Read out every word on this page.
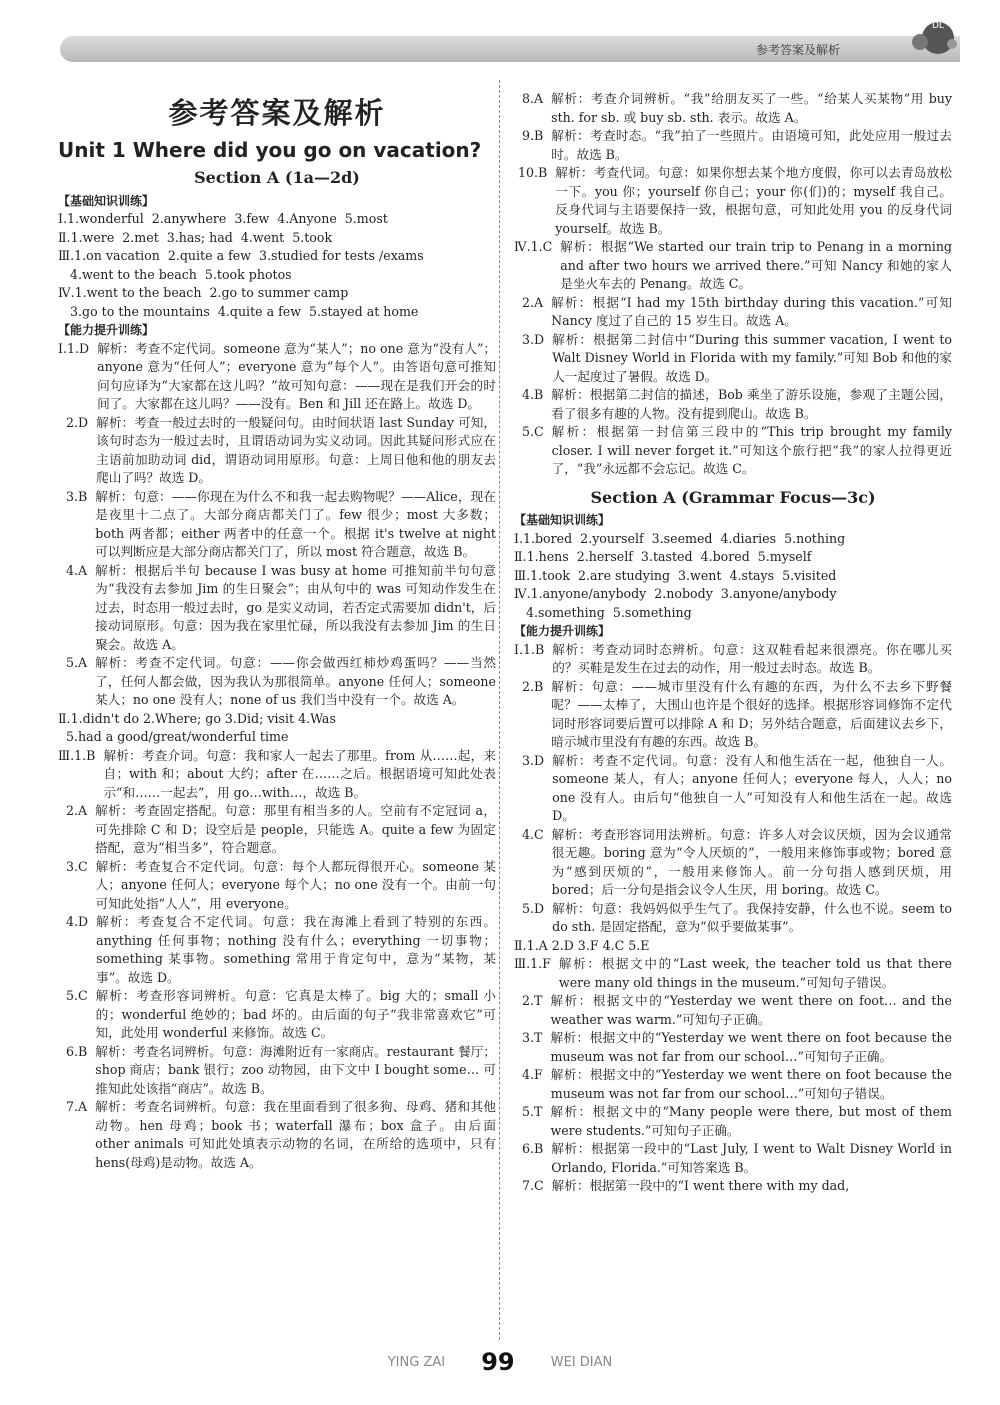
参考答案及解析
DL
参考答案及解析
Unit 1 Where did you go on vacation?
Section A (1a—2d)
【基础知识训练】
Ⅰ.1.wonderful  2.anywhere  3.few  4.Anyone  5.most
Ⅱ.1.were  2.met  3.has; had  4.went  5.took
Ⅲ.1.on vacation  2.quite a few  3.studied for tests /exams
4.went to the beach  5.took photos
Ⅳ.1.went to the beach  2.go to summer camp
3.go to the mountains  4.quite a few  5.stayed at home
【能力提升训练】
Ⅰ.1.D 解析：考查不定代词。someone 意为“某人”；no one 意为“没有人”；anyone 意为“任何人”；everyone 意为“每个人”。由答语句意可推知问句应译为“大家都在这儿吗？”故可知句意：——现在是我们开会的时间了。大家都在这儿吗？——没有。Ben 和 Jill 还在路上。故选 D。
2.D 解析：考查一般过去时的一般疑问句。由时间状语 last Sunday 可知，该句时态为一般过去时，且谓语动词为实义动词。因此其疑问形式应在主语前加助动词 did，谓语动词用原形。句意：上周日他和他的朋友去爬山了吗？故选 D。
3.B 解析：句意：——你现在为什么不和我一起去购物呢？——Alice，现在是夜里十二点了。大部分商店都关门了。few 很少；most 大多数；both 两者都；either 两者中的任意一个。根据 it's twelve at night 可以判断应是大部分商店都关门了，所以 most 符合题意，故选 B。
4.A 解析：根据后半句 because I was busy at home 可推知前半句句意为“我没有去参加 Jim 的生日聚会”；由从句中的 was 可知动作发生在过去，时态用一般过去时，go 是实义动词，若否定式需要加 didn't，后接动词原形。句意：因为我在家里忙碌，所以我没有去参加 Jim 的生日聚会。故选 A。
5.A 解析：考查不定代词。句意：——你会做西红柿炒鸡蛋吗？——当然了，任何人都会做，因为我认为那很简单。anyone 任何人；someone 某人；no one 没有人；none of us 我们当中没有一个。故选 A。
Ⅱ.1. didn't do 2.Where; go 3.Did; visit 4.Was
5. had a good/great/wonderful time
Ⅲ.1.B 解析：考查介词。句意：我和家人一起去了那里。from 从……起，来自；with 和；about 大约；after 在……之后。根据语境可知此处表示“和……一起去”，用 go…with…，故选 B。
2.A 解析：考查固定搭配。句意：那里有相当多的人。空前有不定冠词 a，可先排除 C 和 D；设空后是 people，只能选 A。quite a few 为固定搭配，意为“相当多”，符合题意。
3.C 解析：考查复合不定代词。句意：每个人都玩得很开心。someone 某人；anyone 任何人；everyone 每个人；no one 没有一个。由前一句可知此处指“人人”，用 everyone。
4.D 解析：考查复合不定代词。句意：我在海滩上看到了特别的东西。anything 任何事物；nothing 没有什么；everything 一切事物；something 某事物。something 常用于肯定句中，意为“某物，某事”。故选 D。
5.C 解析：考查形容词辨析。句意：它真是太棒了。big 大的；small 小的；wonderful 绝妙的；bad 坏的。由后面的句子“我非常喜欢它”可知，此处用 wonderful 来修饰。故选 C。
6.B 解析：考查名词辨析。句意：海滩附近有一家商店。restaurant 餐厅；shop 商店；bank 银行；zoo 动物园，由下文中 I bought some… 可推知此处该指“商店”。故选 B。
7.A 解析：考查名词辨析。句意：我在里面看到了很多狗、母鸡、猪和其他动物。hen 母鸡；book 书；waterfall 瀑布；box 盒子。由后面 other animals 可知此处填表示动物的名词，在所给的选项中，只有 hens(母鸡)是动物。故选 A。
8.A 解析：考查介词辨析。“我”给朋友买了一些。“给某人买某物”用 buy sth. for sb. 或 buy sb. sth. 表示。故选 A。
9.B 解析：考查时态。“我”拍了一些照片。由语境可知，此处应用一般过去时。故选 B。
10.B 解析：考查代词。句意：如果你想去某个地方度假，你可以去青岛放松一下。you 你；yourself 你自己；your 你(们)的；myself 我自己。反身代词与主语要保持一致，根据句意，可知此处用 you 的反身代词 yourself。故选 B。
Ⅳ.1.C 解析：根据“We started our train trip to Penang in a morning and after two hours we arrived there.”可知 Nancy 和她的家人是坐火车去的 Penang。故选 C。
2.A 解析：根据“I had my 15th birthday during this vacation.”可知 Nancy 度过了自己的 15 岁生日。故选 A。
3.D 解析：根据第二封信中“During this summer vacation, I went to Walt Disney World in Florida with my family.”可知 Bob 和他的家人一起度过了暑假。故选 D。
4.B 解析：根据第二封信的描述，Bob 乘坐了游乐设施，参观了主题公园，看了很多有趣的人物。没有提到爬山。故选 B。
5.C 解析：根据第一封信第三段中的“This trip brought my family closer. I will never forget it.”可知这个旅行把“我”的家人拉得更近了，“我”永远都不会忘记。故选 C。
Section A (Grammar Focus—3c)
【基础知识训练】
Ⅰ.1.bored  2.yourself  3.seemed  4.diaries  5.nothing
Ⅱ.1.hens  2.herself  3.tasted  4.bored  5.myself
Ⅲ.1.took  2.are studying  3.went  4.stays  5.visited
Ⅳ.1.anyone/anybody  2.nobody  3.anyone/anybody
4.something  5.something
【能力提升训练】
Ⅰ.1.B 解析：考查动词时态辨析。句意：这双鞋看起来很漂亮。你在哪儿买的？买鞋是发生在过去的动作，用一般过去时态。故选 B。
2.B 解析：句意：——城市里没有什么有趣的东西，为什么不去乡下野餐呢？——太棒了，大围山也许是个很好的选择。根据形容词修饰不定代词时形容词要后置可以排除 A 和 D；另外结合题意，后面建议去乡下，暗示城市里没有有趣的东西。故选 B。
3.D 解析：考查不定代词。句意：没有人和他生活在一起，他独自一人。someone 某人，有人；anyone 任何人；everyone 每人，人人；no one 没有人。由后句“他独自一人”可知没有人和他生活在一起。故选 D。
4.C 解析：考查形容词用法辨析。句意：许多人对会议厌烦，因为会议通常很无趣。boring 意为“令人厌烦的”，一般用来修饰事或物；bored 意为“感到厌烦的”，一般用来修饰人。前一分句指人感到厌烦，用 bored；后一分句是指会议令人生厌，用 boring。故选 C。
5.D 解析：句意：我妈妈似乎生气了。我保持安静，什么也不说。seem to do sth. 是固定搭配，意为“似乎要做某事”。
Ⅱ.1. A 2.D 3.F 4.C 5.E
Ⅲ.1.F 解析：根据文中的“Last week, the teacher told us that there were many old things in the museum.”可知句子错误。
2.T 解析：根据文中的“Yesterday we went there on foot… and the weather was warm.”可知句子正确。
3.T 解析：根据文中的“Yesterday we went there on foot because the museum was not far from our school…”可知句子正确。
4.F 解析：根据文中的“Yesterday we went there on foot because the museum was not far from our school…”可知句子错误。
5.T 解析：根据文中的“Many people were there, but most of them were students.”可知句子正确。
6.B 解析：根据第一段中的“Last July, I went to Walt Disney World in Orlando, Florida.”可知答案选 B。
7.C 解析：根据第一段中的“I went there with my dad,
YING ZAI 99	WEI DIAN
